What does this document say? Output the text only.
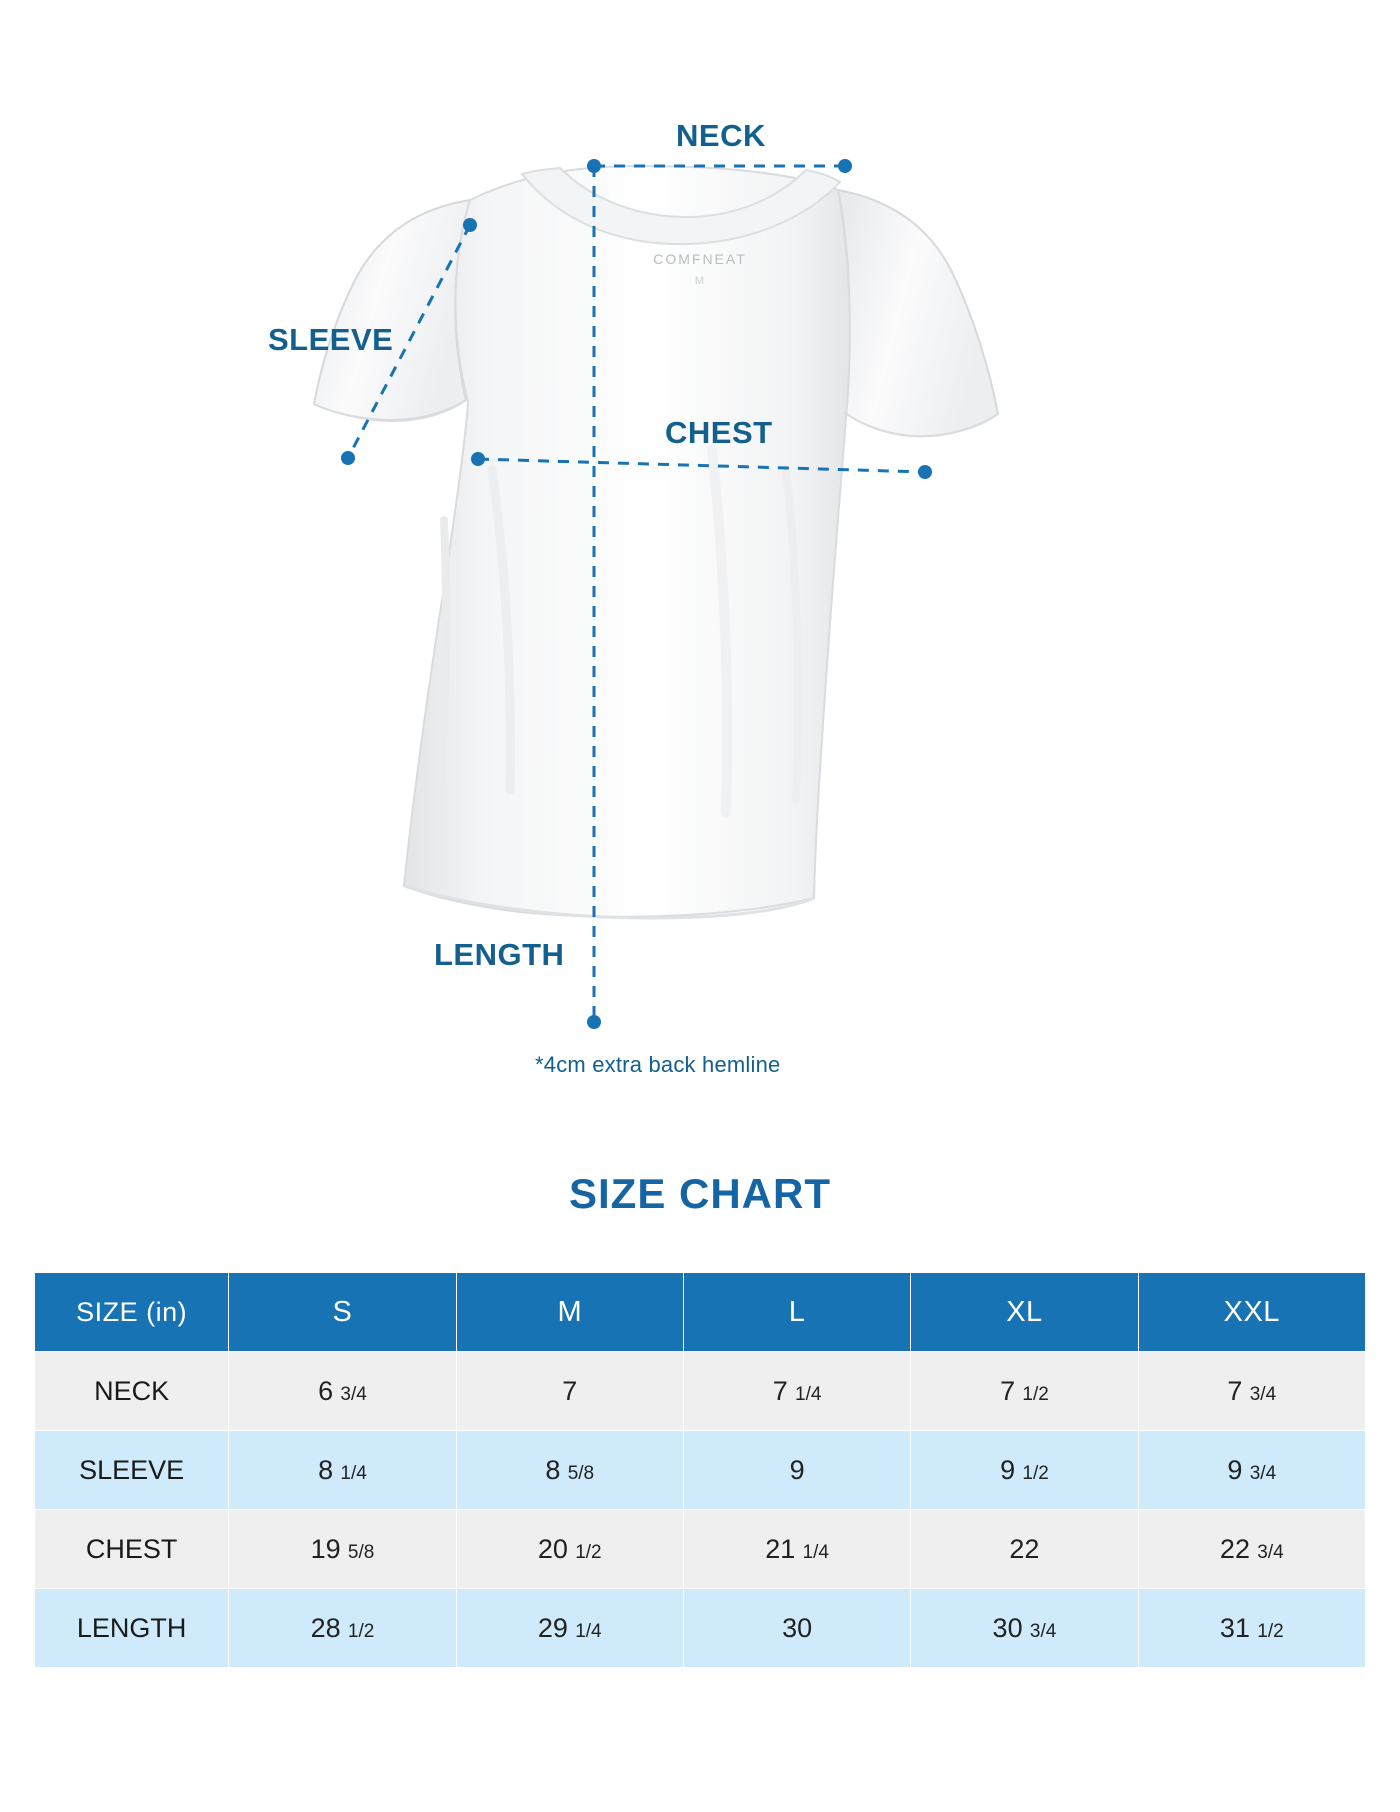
COMFNEAT
M
NECK
SLEEVE
CHEST
LENGTH
*4cm extra back hemline
SIZE CHART
SIZE (in)	S	M	L	XL	XXL
NECK	6 3/4	7	7 1/4	7 1/2	7 3/4
SLEEVE	8 1/4	8 5/8	9	9 1/2	9 3/4
CHEST	19 5/8	20 1/2	21 1/4	22	22 3/4
LENGTH	28 1/2	29 1/4	30	30 3/4	31 1/2
